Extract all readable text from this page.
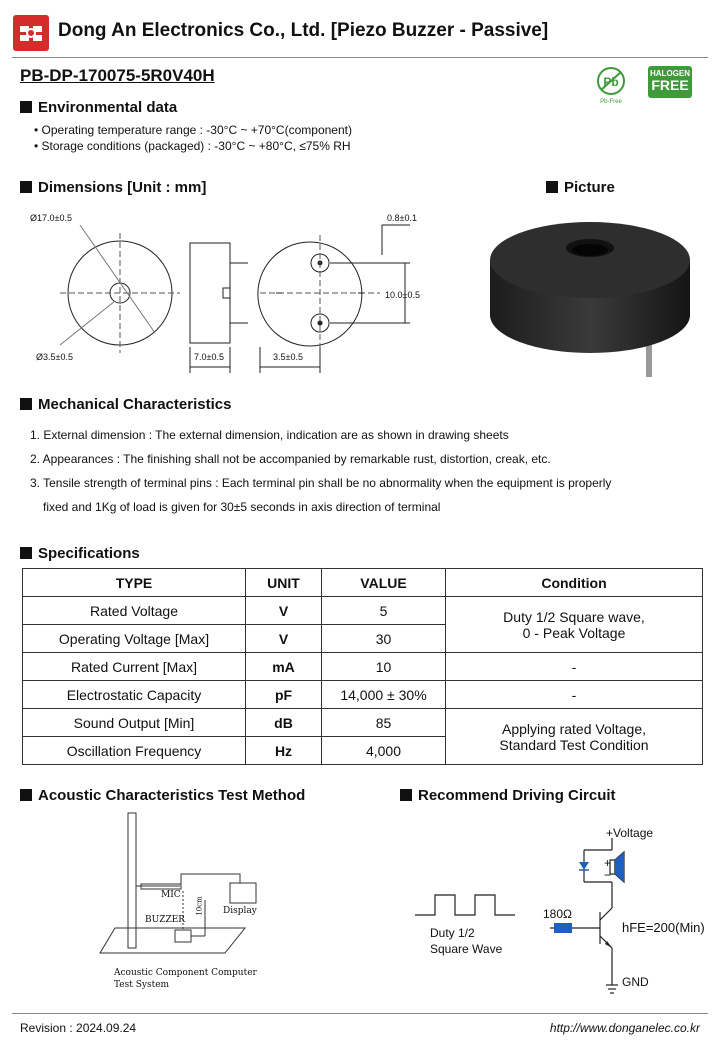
Dong An Electronics Co., Ltd. [Piezo Buzzer - Passive]
PB-DP-170075-5R0V40H	Pb
Pb-Free
HALOGEN
FREE
Environmental data
• Operating temperature range : -30°C ~ +70°C(component)
• Storage conditions (packaged) : -30°C ~ +80°C, ≤75% RH
Dimensions [Unit : mm]	Picture
Ø17.0±0.5
Ø3.5±0.5	7.0±0.5	3.5±0.5
0.8±0.1
10.0±0.5
Mechanical Characteristics
1. External dimension : The external dimension, indication are as shown in drawing sheets
2. Appearances : The finishing shall not be accompanied by remarkable rust, distortion, creak, etc.
3. Tensile strength of terminal pins : Each terminal pin shall be no abnormality when the equipment is properly
fixed and 1Kg of load is given for 30±5 seconds in axis direction of terminal
Specifications
TYPE	UNIT	VALUE	Condition
Rated Voltage	V	5	Duty 1/2 Square wave,
0 - Peak Voltage

Operating Voltage [Max]	V	30	
Rated Current [Max]	mA	10	-
Electrostatic Capacity	pF	14,000 ± 30%	-
Sound Output [Min]	dB	85	Applying rated Voltage,
Standard Test Condition

Oscillation Frequency	Hz	4,000	
Acoustic Characteristics Test Method
MIC
BUZZER
10cm Display
Acoustic Component Computer
Test System
Recommend Driving Circuit
+Voltage
+
−
180Ω
hFE=200(Min)
Duty 1/2
Square Wave
GND
Revision : 2024.09.24	http://www.donganelec.co.kr
